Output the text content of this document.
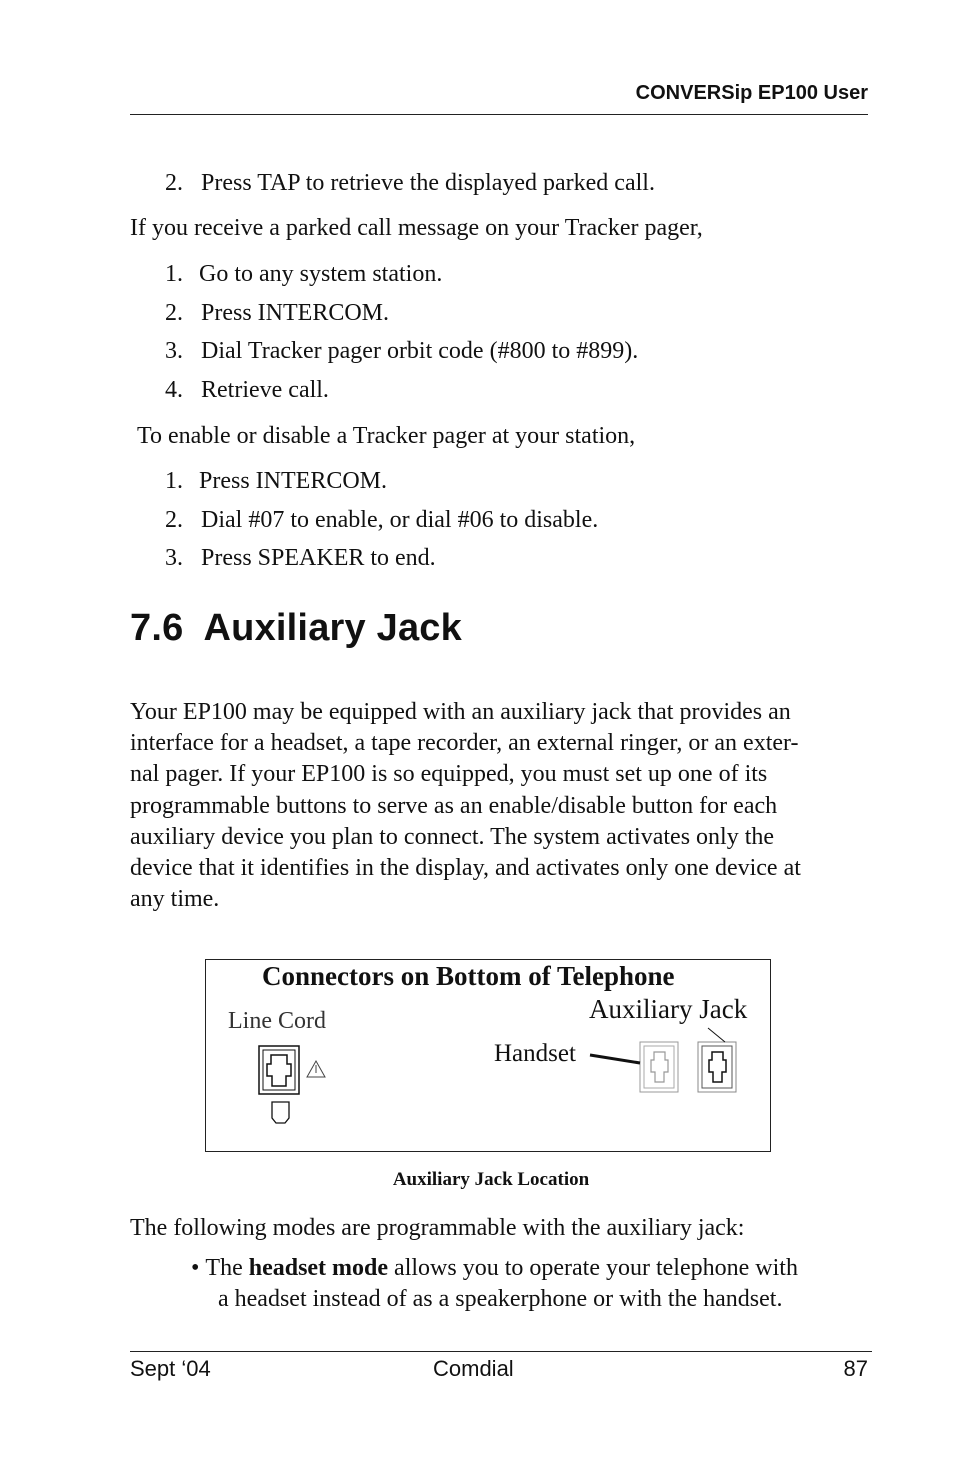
CONVERSip EP100 User
2. Press TAP to retrieve the displayed parked call.
If you receive a parked call message on your Tracker pager,
1. Go to any system station.
2. Press INTERCOM.
3. Dial Tracker pager orbit code (#800 to #899).
4. Retrieve call.
To enable or disable a Tracker pager at your station,
1. Press INTERCOM.
2. Dial #07 to enable, or dial #06 to disable.
3. Press SPEAKER to end.
7.6  Auxiliary Jack
Your EP100 may be equipped with an auxiliary jack that provides an
interface for a headset, a tape recorder, an external ringer, or an exter-
nal pager. If your EP100 is so equipped, you must set up one of its
programmable buttons to serve as an enable/disable button for each
auxiliary device you plan to connect. The system activates only the
device that it identifies in the display, and activates only one device at
any time.
Connectors on Bottom of Telephone
Line Cord	Auxiliary Jack
Handset
Auxiliary Jack Location
The following modes are programmable with the auxiliary jack:
• The headset mode allows you to operate your telephone with
a headset instead of as a speakerphone or with the handset.
Sept ‘04	Comdial	87
